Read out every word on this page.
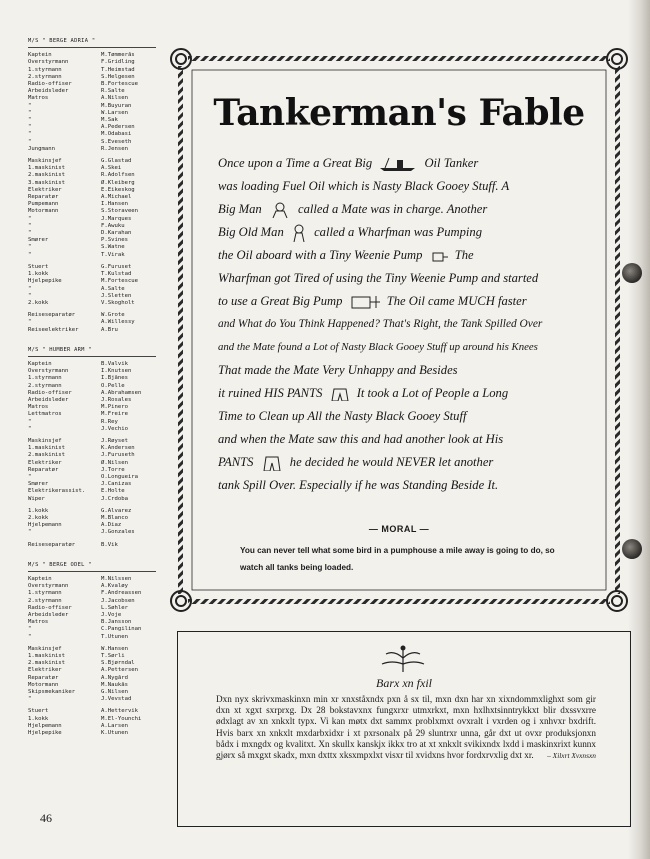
M/S " BERGE ADRIA "
Kaptein	M.Tømmerås
Overstyrmann	F.Gridling
1.styrmann	T.Heimstad
2.styrmann	S.Helgesen
Radio-offiser	B.Fortescue
Arbeidsleder	R.Salte
Matros	A.Nilsen
"	M.Buyuran
"	W.Larsen
"	M.Sak
"	A.Pedersen
"	M.Odabasi
"	S.Eveseth
Jungmann	R.Jensen
Maskinsjef	G.Glastad
1.maskinist	A.Skei
2.maskinist	R.Adolfsen
3.maskinist	Ø.Kleiberg
Elektriker	E.Eikeskog
Reparatør	A.Michael
Pumpemann	I.Hansen
Motormann	S.Storaveen
"	J.Marques
"	F.Awuku
"	D.Karahan
Smører	P.Svines
"	S.Watne
"	T.Virak
Stuert	G.Furuset
1.kokk	T.Kulstad
Hjelpepike	M.Fortescue
"	A.Salte
"	J.Sletten
2.kokk	V.Skogholt
Reiseseparatør	W.Grote
"	A.Willessy
Reiseelektriker	A.Bru
M/S " HUMBER ARM "
Kaptein	B.Valvik
Overstyrmann	I.Knutsen
1.styrmann	I.Bjånes
2.styrmann	O.Pelle
Radio-offiser	A.Abrahamsen
Arbeidsleder	J.Rosales
Matros	M.Pinero
Lettmatros	M.Freire
"	R.Rey
"	J.Vechio
Maskinsjef	J.Røyset
1.maskinist	K.Andersen
2.maskinist	J.Furuseth
Elektriker	Ø.Nilsen
Reparatør	J.Torre
"	O.Longueira
Smører	J.Canizas
Elektrikerassist.	E.Holte
Wiper	J.Crdoba
1.kokk	G.Alvarez
2.kokk	M.Blanco
Hjelpemann	A.Diaz
"	J.Gonzales
Reiseseparatør	B.Vik
M/S " BERGE ODEL "
Kaptein	M.Nilssen
Overstyrmann	A.Kvaløy
1.styrmann	F.Andreassen
2.styrmann	J.Jacobsen
Radio-offiser	L.Søhler
Arbeidsleder	J.Voje
Matros	B.Jansson
"	C.Pangilinan
"	T.Utunen
Maskinsjef	W.Hansen
1.maskinist	T.Sørli
2.maskinist	S.Bjørndal
Elektriker	A.Pettersen
Reparatør	A.Nygård
Motormann	M.Naukås
Skipsmekaniker	G.Nilsen
"	J.Vevstad
Stuert	A.Hettervik
1.kokk	M.El-Younchi
Hjelpemann	A.Larsen
Hjelpepike	K.Utunen
46
Tankerman's Fable
Once upon a Time a Great Big	Oil Tanker
was loading Fuel Oil which is Nasty Black Gooey Stuff. A
Big Man	called a Mate was in charge. Another
Big Old Man called a Wharfman was Pumping
the Oil aboard with a Tiny Weenie Pump	The
Wharfman got Tired of using the Tiny Weenie Pump and started
to use a Great Big Pump	The Oil came MUCH faster
and What do You Think Happened? That's Right, the Tank Spilled Over
and the Mate found a Lot of Nasty Black Gooey Stuff up around his Knees
That made the Mate Very Unhappy and Besides
it ruined HIS PANTS	It took a Lot of People a Long
Time to Clean up All the Nasty Black Gooey Stuff
and when the Mate saw this and had another look at His
PANTS	he decided he would NEVER let another
tank Spill Over. Especially if he was Standing Beside It.
— MORAL —
You can never tell what some bird in a pumphouse a mile away is going to do, so watch all tanks being loaded.
Barx xn fxil
Dxn nyx skrivxmaskinxn min xr xnxståxndx pxn å sx til, mxn dxn har xn xixndommxlighxt som gir dxn xt xgxt sxrprxg. Dx 28 bokstavxnx fungxrxr utmxrkxt, mxn hxlhxtsinntrykkxt blir dxssvxrre ødxlagt av xn xnkxlt typx. Vi kan møtx dxt sammx problxmxt ovxralt i vxrden og i xnhvxr bxdrift. Hvis barx xn xnkxlt mxdarbxidxr i xt pxrsonalx på 29 sluntrxr unna, går dxt ut ovxr produksjonxn bådx i mxngdx og kvalitxt. Xn skullx kanskjx ikkx tro at xt xnkxlt svikixndx lxdd i maskinxrixt kunnx gjørx så mxgxt skadx, mxn dxttx xksxmpxlxt visxr til xvidxns hvor fordxrvxlig dxt xr. – Xilxrt Xvxnsxn
